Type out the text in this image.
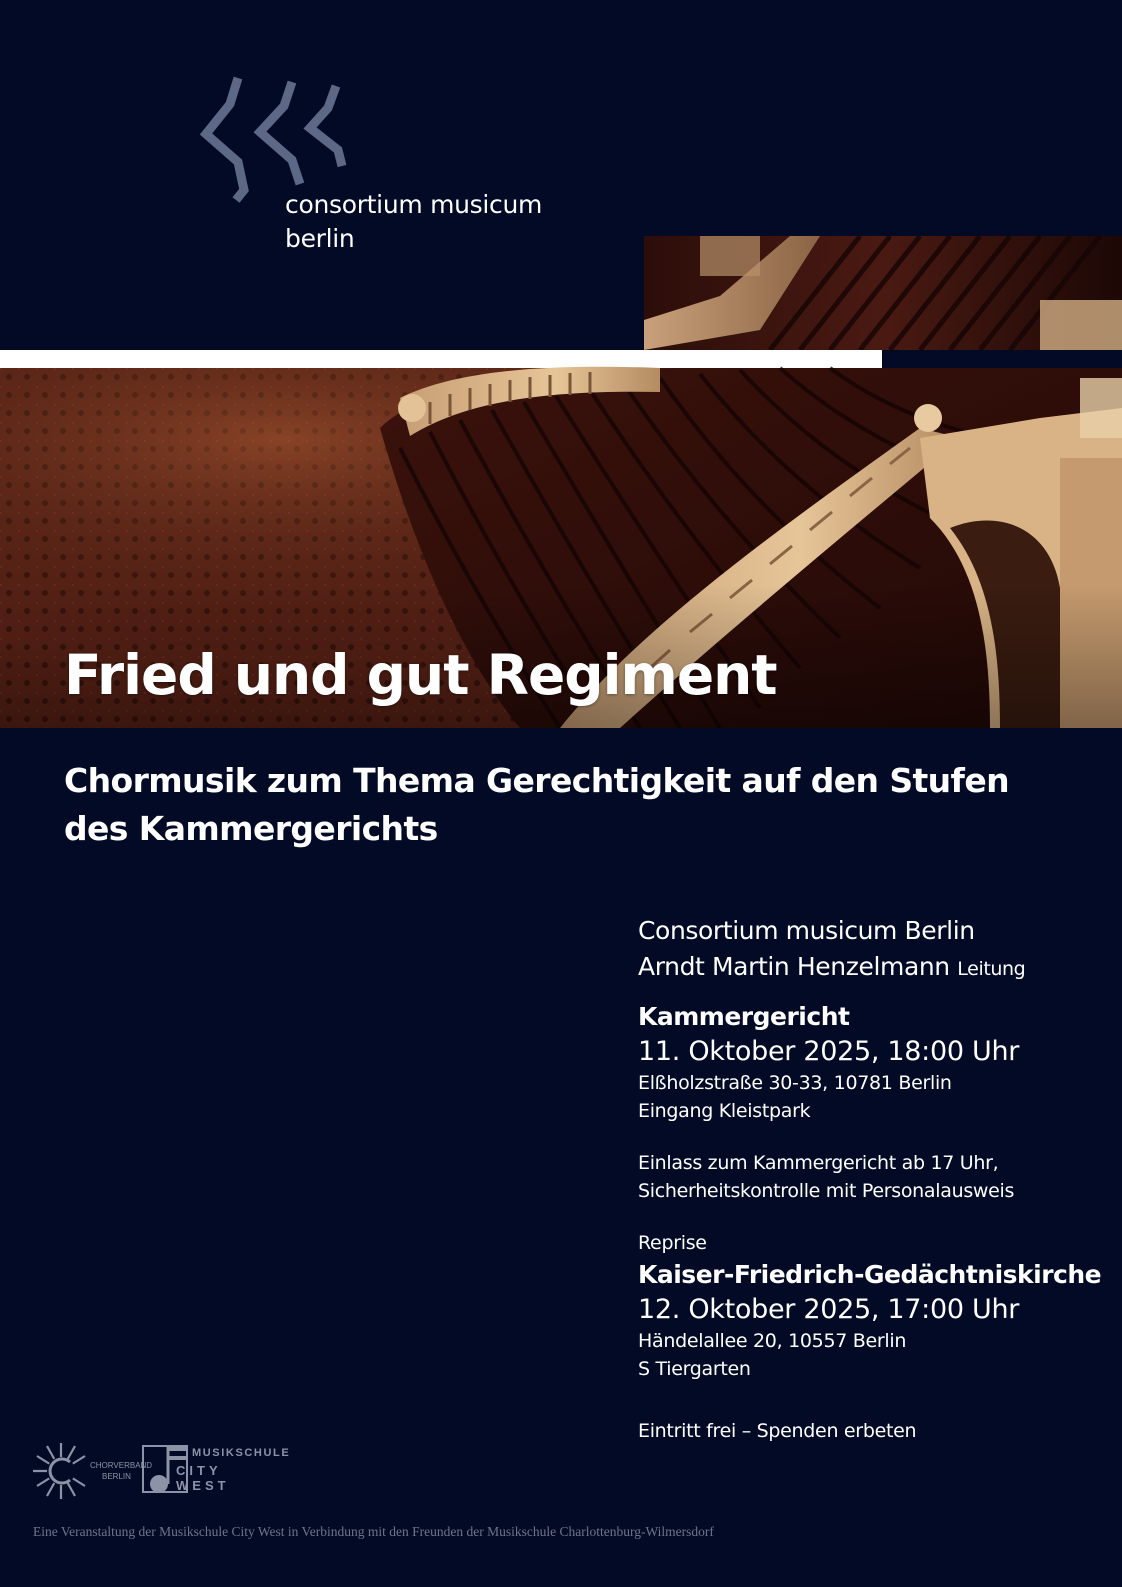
consortium musicum
berlin
Fried und gut Regiment
Chormusik zum Thema Gerechtigkeit auf den Stufen des Kammergerichts
Consortium musicum Berlin
Arndt Martin Henzelmann Leitung
Kammergericht
11. Oktober 2025, 18:00 Uhr
Elßholzstraße 30-33, 10781 Berlin
Eingang Kleistpark
Einlass zum Kammergericht ab 17 Uhr,
Sicherheitskontrolle mit Personalausweis
Reprise
Kaiser-Friedrich-Gedächtniskirche
12. Oktober 2025, 17:00 Uhr
Händelallee 20, 10557 Berlin
S Tiergarten
Eintritt frei – Spenden erbeten
CHORVERBAND
BERLIN
MUSIKSCHULE
CITY
WEST
Eine Veranstaltung der Musikschule City West in Verbindung mit den Freunden der Musikschule Charlottenburg-Wilmersdorf
